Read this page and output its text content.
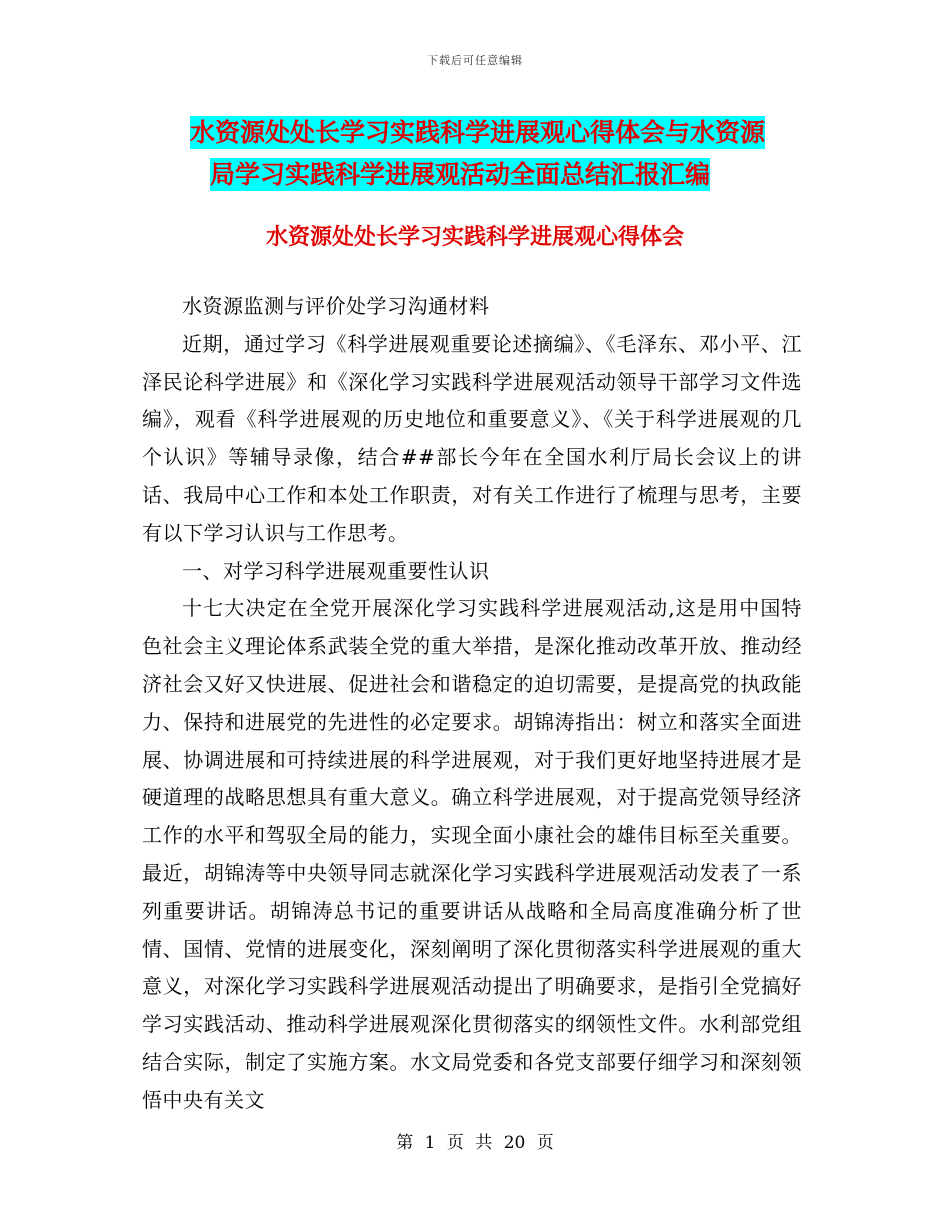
下载后可任意编辑
水资源处处长学习实践科学进展观心得体会与水资源
局学习实践科学进展观活动全面总结汇报汇编
水资源处处长学习实践科学进展观心得体会

水资源监测与评价处学习沟通材料

近期，通过学习《科学进展观重要论述摘编》、《毛泽东、邓小平、江泽民论科学进展》和《深化学习实践科学进展观活动领导干部学习文件选编》，观看《科学进展观的历史地位和重要意义》、《关于科学进展观的几个认识》等辅导录像，结合##部长今年在全国水利厅局长会议上的讲话、我局中心工作和本处工作职责，对有关工作进行了梳理与思考，主要有以下学习认识与工作思考。

一、对学习科学进展观重要性认识

十七大决定在全党开展深化学习实践科学进展观活动,这是用中国特色社会主义理论体系武装全党的重大举措，是深化推动改革开放、推动经济社会又好又快进展、促进社会和谐稳定的迫切需要，是提高党的执政能力、保持和进展党的先进性的必定要求。胡锦涛指出：树立和落实全面进展、协调进展和可持续进展的科学进展观，对于我们更好地坚持进展才是硬道理的战略思想具有重大意义。确立科学进展观，对于提高党领导经济工作的水平和驾驭全局的能力，实现全面小康社会的雄伟目标至关重要。最近，胡锦涛等中央领导同志就深化学习实践科学进展观活动发表了一系列重要讲话。胡锦涛总书记的重要讲话从战略和全局高度准确分析了世情、国情、党情的进展变化，深刻阐明了深化贯彻落实科学进展观的重大意义，对深化学习实践科学进展观活动提出了明确要求，是指引全党搞好学习实践活动、推动科学进展观深化贯彻落实的纲领性文件。水利部党组结合实际，制定了实施方案。水文局党委和各党支部要仔细学习和深刻领悟中央有关文

第 1 页 共 20 页
